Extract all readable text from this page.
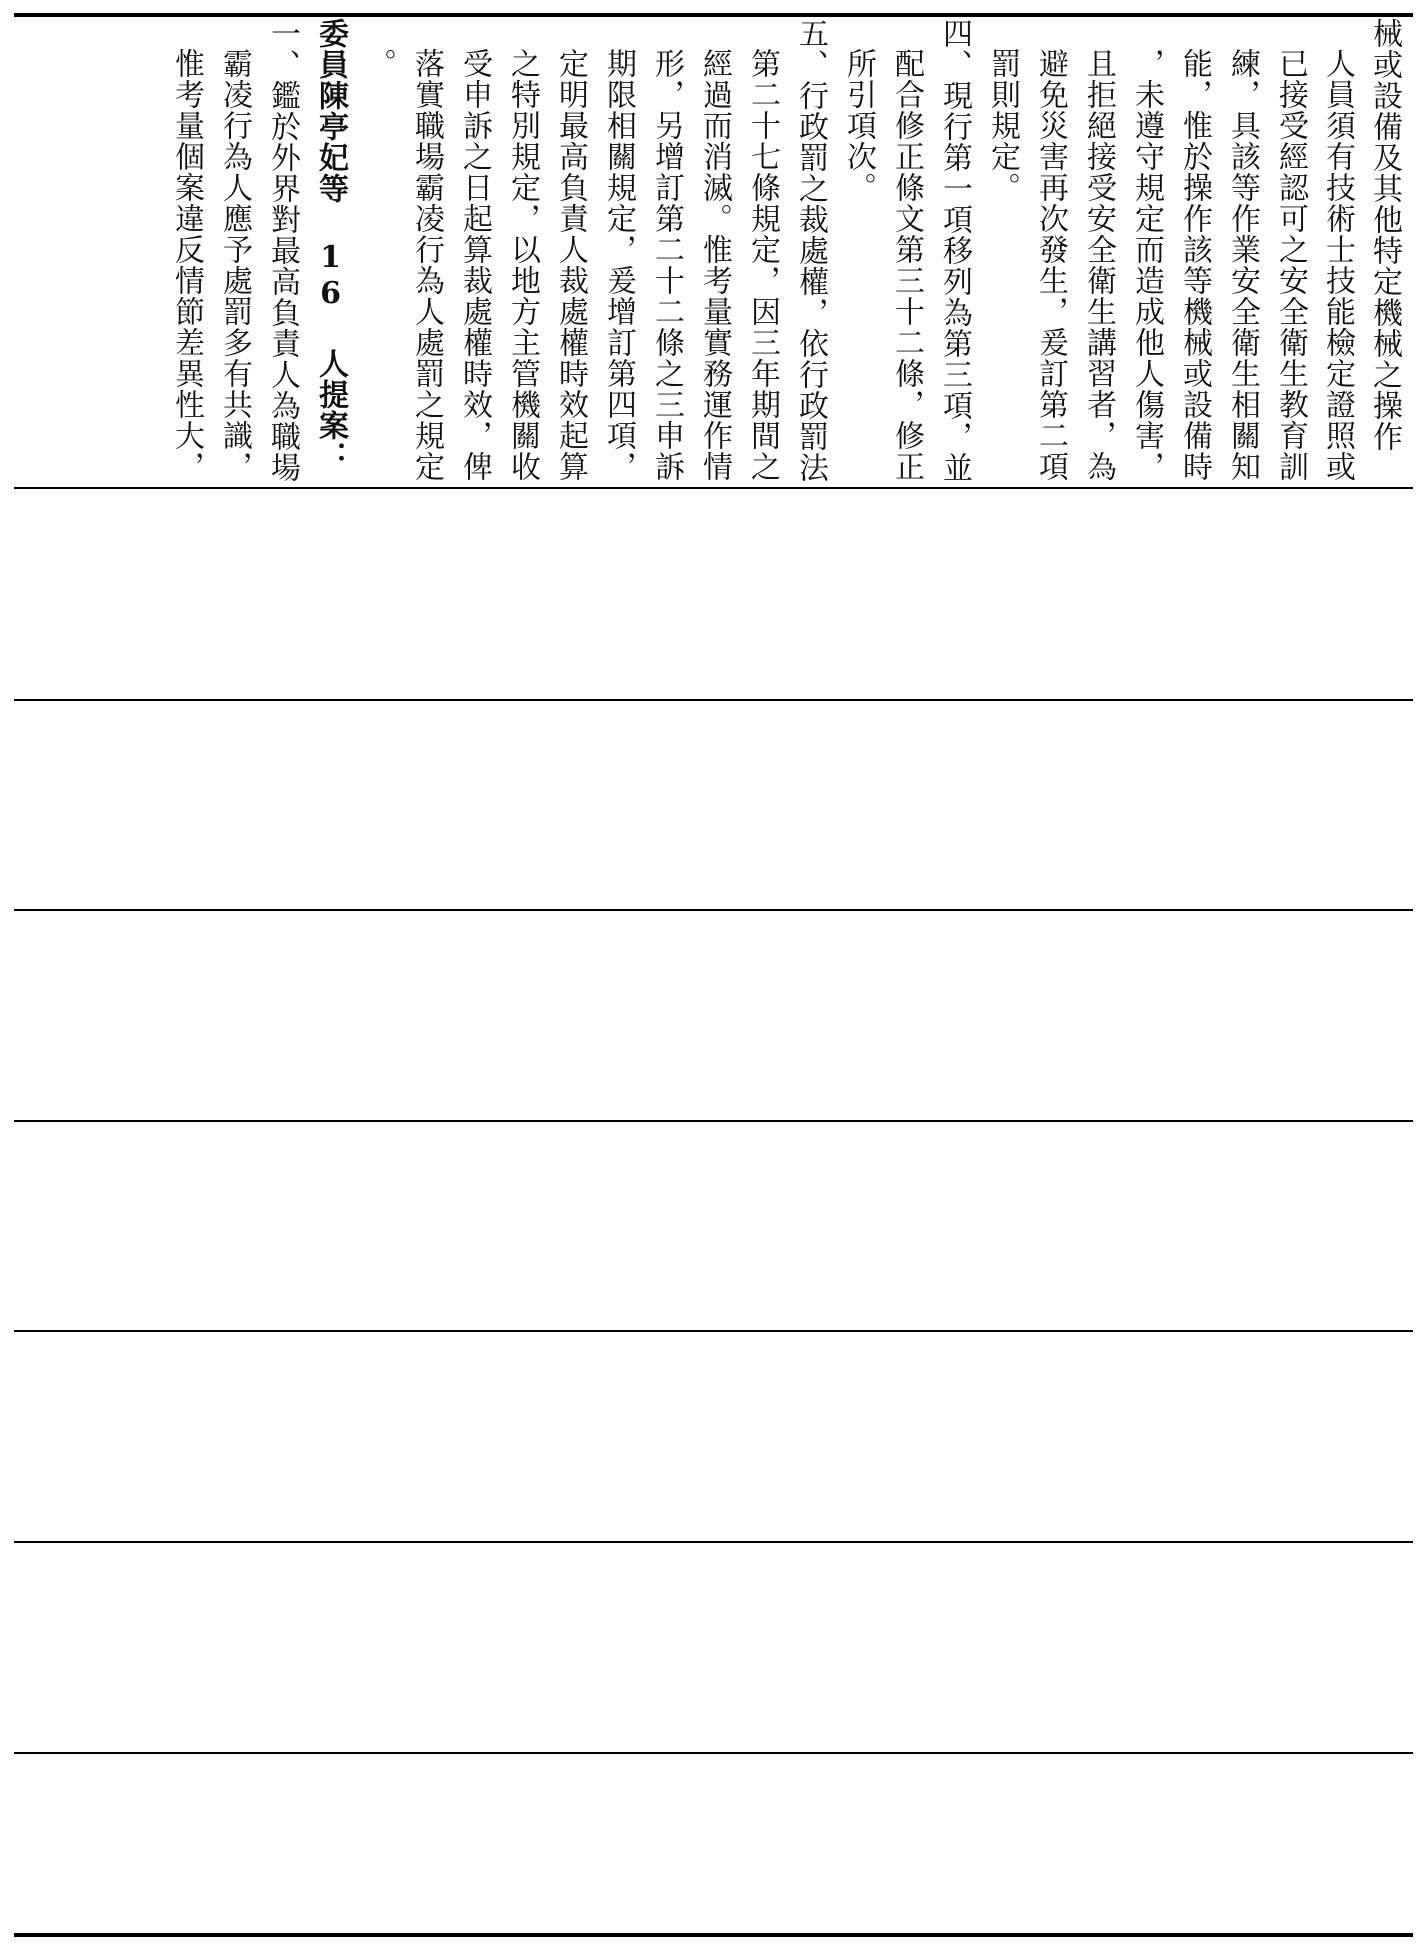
械或設備及其他特定機械之操作
人員須有技術士技能檢定證照或
已接受經認可之安全衛生教育訓
練，具該等作業安全衛生相關知
能，惟於操作該等機械或設備時
，未遵守規定而造成他人傷害，
且拒絕接受安全衛生講習者，為
避免災害再次發生，爰訂第二項
罰則規定。
四、現行第一項移列為第三項，並
配合修正條文第三十二條，修正
所引項次。
五、行政罰之裁處權，依行政罰法
第二十七條規定，因三年期間之
經過而消滅。惟考量實務運作情
形，另增訂第二十二條之三申訴
期限相關規定，爰增訂第四項，
定明最高負責人裁處權時效起算
之特別規定，以地方主管機關收
受申訴之日起算裁處權時效，俾
落實職場霸凌行為人處罰之規定
。
委員陳亭妃等 16 人提案：
一、鑑於外界對最高負責人為職場
霸凌行為人應予處罰多有共識，
惟考量個案違反情節差異性大，
